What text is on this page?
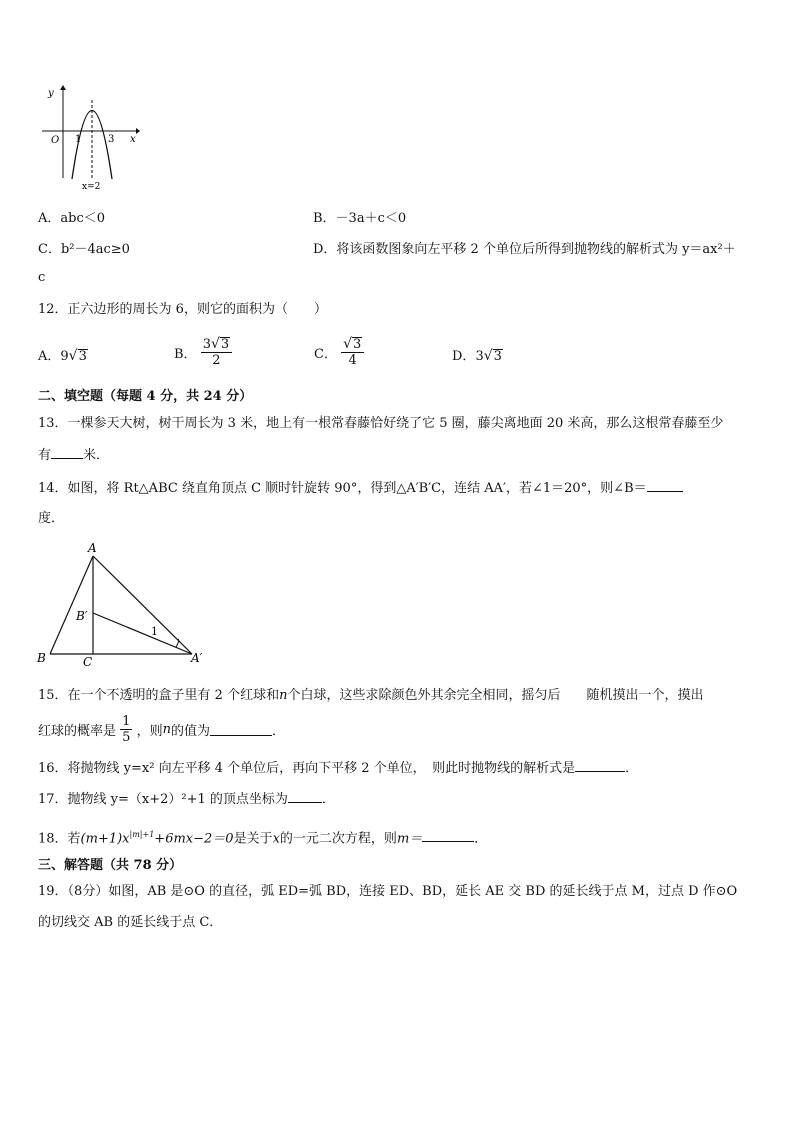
y
x
O 1	3
x=2
A．abc＜0	B．－3a＋c＜0
C．b²－4ac≥0	D．将该函数图象向左平移 2 个单位后所得到抛物线的解析式为 y＝ax²＋
c
12．正六边形的周长为 6，则它的面积为（　　）
A．9√3	B． $\frac{3√3}{2}$	C． $\frac{√3}{4}$	D．3√3
二、填空题（每题 4 分，共 24 分）
13．一棵参天大树，树干周长为 3 米，地上有一根常春藤恰好绕了它 5 圈，藤尖离地面 20 米高，那么这根常春藤至少
有 米．
14．如图，将 Rt△ABC 绕直角顶点 C 顺时针旋转 90°，得到△A′B′C，连结 AA′，若∠1＝20°，则∠B＝
度．
A
B	C
B′
A′
1
15．在一个不透明的盒子里有 2 个红球和n个白球，这些求除颜色外其余完全相同，摇匀后　　随机摸出一个，摸出
红球的概率是 $\frac{1}{5}$ ，则n的值为	．
16．将抛物线 y=x² 向左平移 4 个单位后，再向下平移 2 个单位，　则此时抛物线的解析式是	．
17．抛物线 y=（x+2）²+1 的顶点坐标为	．
18．若$(m+1)x^{|m|+1}+6mx-2=0$是关于x的一元二次方程，则m＝	．
三、解答题（共 78 分）
19．（8分）如图，AB 是⊙O 的直径，弧 ED=弧 BD，连接 ED、BD，延长 AE 交 BD 的延长线于点 M，过点 D 作⊙O
的切线交 AB 的延长线于点 C．
